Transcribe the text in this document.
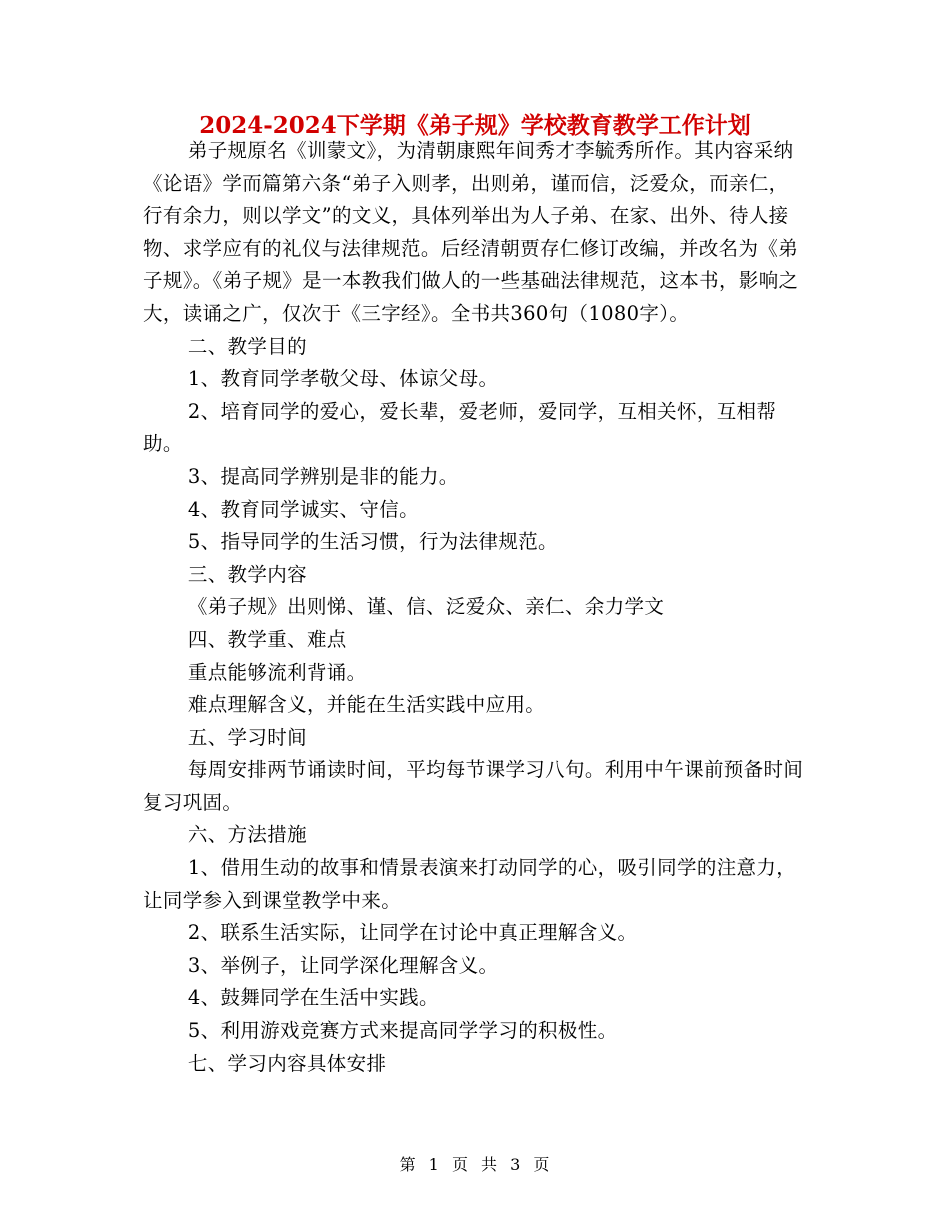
2024-2024下学期《弟子规》学校教育教学工作计划

弟子规原名《训蒙文》，为清朝康熙年间秀才李毓秀所作。其内容采纳《论语》学而篇第六条“弟子入则孝，出则弟，谨而信，泛爱众，而亲仁，行有余力，则以学文”的文义，具体列举出为人子弟、在家、出外、待人接物、求学应有的礼仪与法律规范。后经清朝贾存仁修订改编，并改名为《弟子规》。《弟子规》是一本教我们做人的一些基础法律规范，这本书，影响之大，读诵之广，仅次于《三字经》。全书共360句（1080字）。

二、教学目的

1、教育同学孝敬父母、体谅父母。

2、培育同学的爱心，爱长辈，爱老师，爱同学，互相关怀，互相帮助。

3、提高同学辨别是非的能力。

4、教育同学诚实、守信。

5、指导同学的生活习惯，行为法律规范。

三、教学内容

《弟子规》出则悌、谨、信、泛爱众、亲仁、余力学文

四、教学重、难点

重点能够流利背诵。

难点理解含义，并能在生活实践中应用。

五、学习时间

每周安排两节诵读时间，平均每节课学习八句。利用中午课前预备时间复习巩固。

六、方法措施

1、借用生动的故事和情景表演来打动同学的心，吸引同学的注意力，让同学参入到课堂教学中来。

2、联系生活实际，让同学在讨论中真正理解含义。

3、举例子，让同学深化理解含义。

4、鼓舞同学在生活中实践。

5、利用游戏竞赛方式来提高同学学习的积极性。

七、学习内容具体安排

第 1 页 共 3 页
